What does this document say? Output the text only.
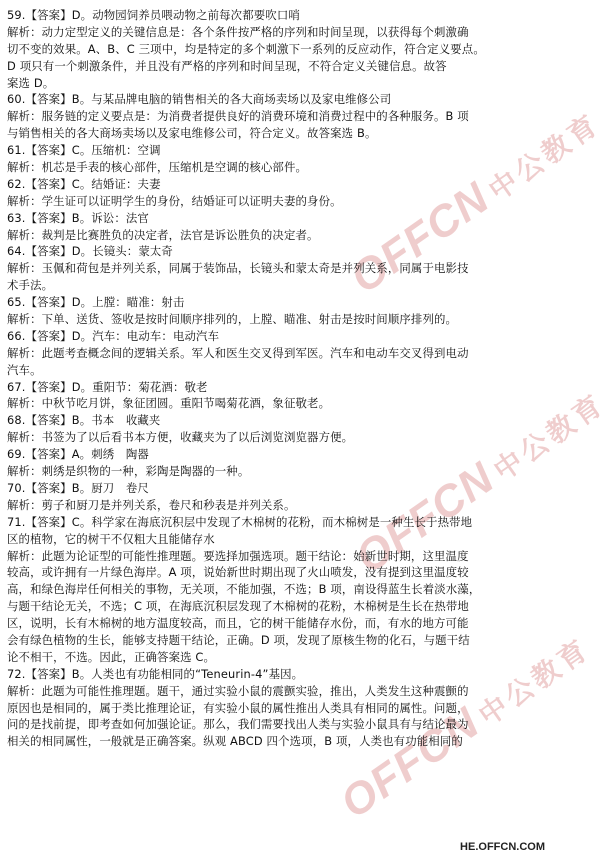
OFFCN中公教育
OFFCN中公教育
OFFCN中公教育
59.【答案】D。动物园饲养员喂动物之前每次都要吹口哨
解析：动力定型定义的关键信息是：各个条件按严格的序列和时间呈现，以获得每个刺激确
切不变的效果。A、B、C 三项中，均是特定的多个刺激下一系列的反应动作，符合定义要点。
D 项只有一个刺激条件，并且没有严格的序列和时间呈现，不符合定义关键信息。故答
案选 D。
60.【答案】B。与某品牌电脑的销售相关的各大商场卖场以及家电维修公司
解析：服务链的定义要点是：为消费者提供良好的消费环境和消费过程中的各种服务。B 项
与销售相关的各大商场卖场以及家电维修公司，符合定义。故答案选 B。
61.【答案】C。压缩机：空调
解析：机芯是手表的核心部件，压缩机是空调的核心部件。
62.【答案】C。结婚证：夫妻
解析：学生证可以证明学生的身份，结婚证可以证明夫妻的身份。
63.【答案】B。诉讼：法官
解析：裁判是比赛胜负的决定者，法官是诉讼胜负的决定者。
64.【答案】D。长镜头：蒙太奇
解析：玉佩和荷包是并列关系，同属于装饰品，长镜头和蒙太奇是并列关系，同属于电影技
术手法。
65.【答案】D。上膛：瞄准：射击
解析：下单、送货、签收是按时间顺序排列的，上膛、瞄准、射击是按时间顺序排列的。
66.【答案】D。汽车：电动车：电动汽车
解析：此题考查概念间的逻辑关系。军人和医生交叉得到军医。汽车和电动车交叉得到电动
汽车。
67.【答案】D。重阳节：菊花酒：敬老
解析：中秋节吃月饼，象征团圆。重阳节喝菊花酒，象征敬老。
68.【答案】B。书本　收藏夹
解析：书签为了以后看书本方便，收藏夹为了以后浏览浏览器方便。
69.【答案】A。刺绣　陶器
解析：刺绣是织物的一种，彩陶是陶器的一种。
70.【答案】B。厨刀　卷尺
解析：剪子和厨刀是并列关系，卷尺和秒表是并列关系。
71.【答案】C。科学家在海底沉积层中发现了木棉树的花粉，而木棉树是一种生长于热带地
区的植物，它的树干不仅粗大且能储存水
解析：此题为论证型的可能性推理题。要选择加强选项。题干结论：始新世时期，这里温度
较高，或许拥有一片绿色海岸。A 项，说始新世时期出现了火山喷发，没有提到这里温度较
高，和绿色海岸任何相关的事物，无关项，不能加强，不选；B 项，南设得蓝生长着淡水藻，
与题干结论无关，不选；C 项，在海底沉积层发现了木棉树的花粉，木棉树是生长在热带地
区，说明，长有木棉树的地方温度较高，而且，它的树干能储存水份，而，有水的地方可能
会有绿色植物的生长，能够支持题干结论，正确。D 项，发现了原核生物的化石，与题干结
论不相干，不选。因此，正确答案选 C。
72.【答案】B。人类也有功能相同的“Teneurin-4”基因。
解析：此题为可能性推理题。题干，通过实验小鼠的震颤实验，推出，人类发生这种震颤的
原因也是相同的，属于类比推理论证，有实验小鼠的属性推出人类具有相同的属性。问题，
问的是找前提，即考查如何加强论证。那么，我们需要找出人类与实验小鼠具有与结论最为
相关的相同属性，一般就是正确答案。纵观 ABCD 四个选项，B 项，人类也有功能相同的
HE.OFFCN.COM
